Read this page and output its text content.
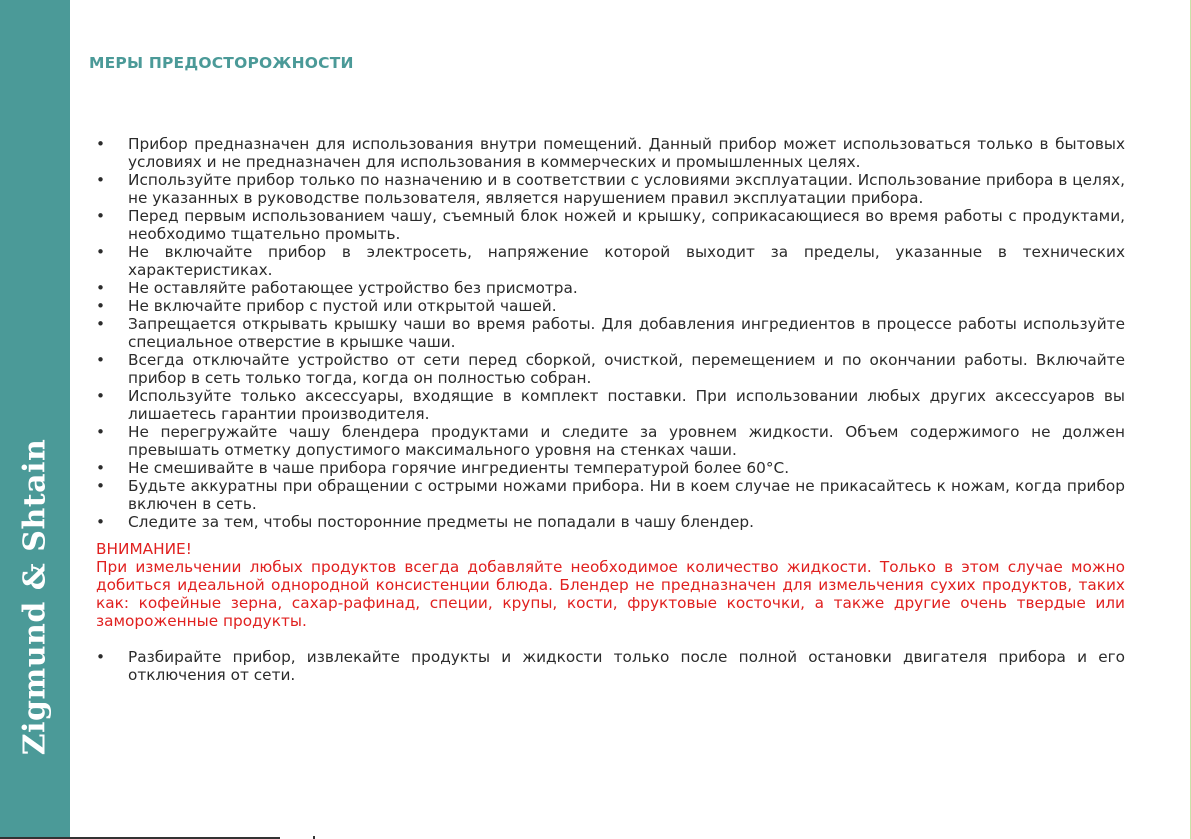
Zigmund & Shtain
МЕРЫ ПРЕДОСТОРОЖНОСТИ
• Прибор предназначен для использования внутри помещений. Данный прибор может использоваться только в бытовых условиях и не предназначен для использования в коммерческих и промышленных целях.
• Используйте прибор только по назначению и в соответствии с условиями эксплуатации. Использование прибора в целях, не указанных в руководстве пользователя, является нарушением правил эксплуатации прибора.
• Перед первым использованием чашу, съемный блок ножей и крышку, соприкасающиеся во время работы с продуктами, необходимо тщательно промыть.
• Не включайте прибор в электросеть, напряжение которой выходит за пределы, указанные в технических характеристиках.
• Не оставляйте работающее устройство без присмотра.
• Не включайте прибор с пустой или открытой чашей.
• Запрещается открывать крышку чаши во время работы. Для добавления ингредиентов в процессе работы используйте специальное отверстие в крышке чаши.
• Всегда отключайте устройство от сети перед сборкой, очисткой, перемещением и по окончании работы. Включайте прибор в сеть только тогда, когда он полностью собран.
• Используйте только аксессуары, входящие в комплект поставки. При использовании любых других аксессуаров вы лишаетесь гарантии производителя.
• Не перегружайте чашу блендера продуктами и следите за уровнем жидкости. Объем содержимого не должен превышать отметку допустимого максимального уровня на стенках чаши.
• Не смешивайте в чаше прибора горячие ингредиенты температурой более 60°С.
• Будьте аккуратны при обращении с острыми ножами прибора. Ни в коем случае не прикасайтесь к ножам, когда прибор включен в сеть.
• Следите за тем, чтобы посторонние предметы не попадали в чашу блендер.
ВНИМАНИЕ!
При измельчении любых продуктов всегда добавляйте необходимое количество жидкости. Только в этом случае можно добиться идеальной однородной консистенции блюда. Блендер не предназначен для измельчения сухих продуктов, таких как: кофейные зерна, сахар-рафинад, специи, крупы, кости, фруктовые косточки, а также другие очень твердые или замороженные продукты.
• Разбирайте прибор, извлекайте продукты и жидкости только после полной остановки двигателя прибора и его отключения от сети.
